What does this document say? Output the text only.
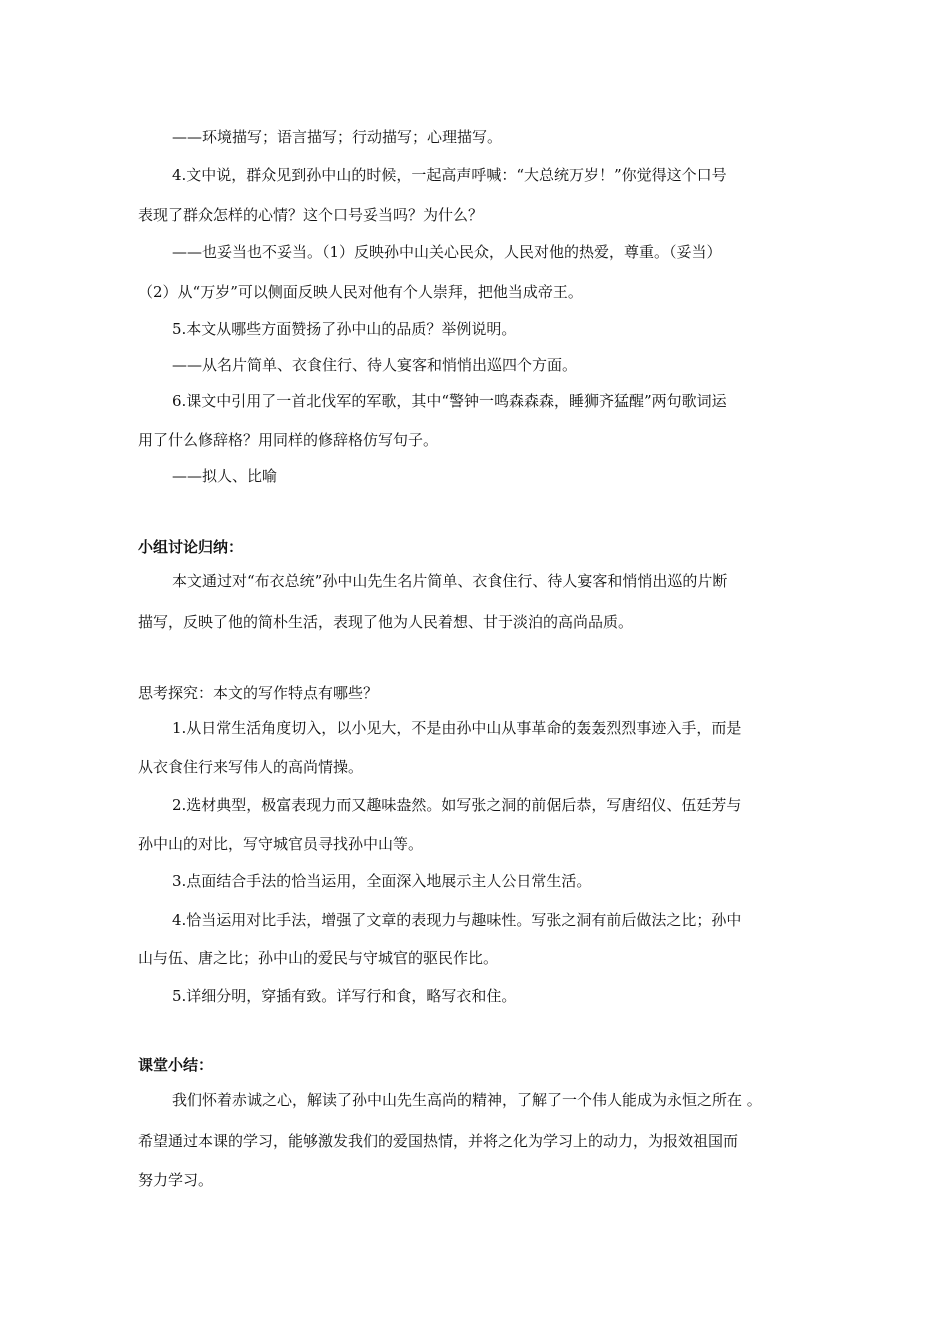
——环境描写；语言描写；行动描写；心理描写。
4.文中说，群众见到孙中山的时候，一起高声呼喊：“大总统万岁！”你觉得这个口号
表现了群众怎样的心情？这个口号妥当吗？为什么？
——也妥当也不妥当。（1）反映孙中山关心民众，人民对他的热爱，尊重。（妥当）
（2）从“万岁”可以侧面反映人民对他有个人崇拜，把他当成帝王。
5.本文从哪些方面赞扬了孙中山的品质？举例说明。
——从名片简单、衣食住行、待人宴客和悄悄出巡四个方面。
6.课文中引用了一首北伐军的军歌，其中“警钟一鸣森森森，睡狮齐猛醒”两句歌词运
用了什么修辞格？用同样的修辞格仿写句子。
——拟人、比喻
小组讨论归纳：
本文通过对“布衣总统”孙中山先生名片简单、衣食住行、待人宴客和悄悄出巡的片断
描写，反映了他的简朴生活，表现了他为人民着想、甘于淡泊的高尚品质。
思考探究：本文的写作特点有哪些？
1.从日常生活角度切入，以小见大，不是由孙中山从事革命的轰轰烈烈事迹入手，而是
从衣食住行来写伟人的高尚情操。
2.选材典型，极富表现力而又趣味盎然。如写张之洞的前倨后恭，写唐绍仪、伍廷芳与
孙中山的对比，写守城官员寻找孙中山等。
3.点面结合手法的恰当运用，全面深入地展示主人公日常生活。
4.恰当运用对比手法，增强了文章的表现力与趣味性。写张之洞有前后做法之比；孙中
山与伍、唐之比；孙中山的爱民与守城官的驱民作比。
5.详细分明，穿插有致。详写行和食，略写衣和住。
课堂小结：
我们怀着赤诚之心，解读了孙中山先生高尚的精神，了解了一个伟人能成为永恒之所在 。
希望通过本课的学习，能够激发我们的爱国热情，并将之化为学习上的动力，为报效祖国而
努力学习。
